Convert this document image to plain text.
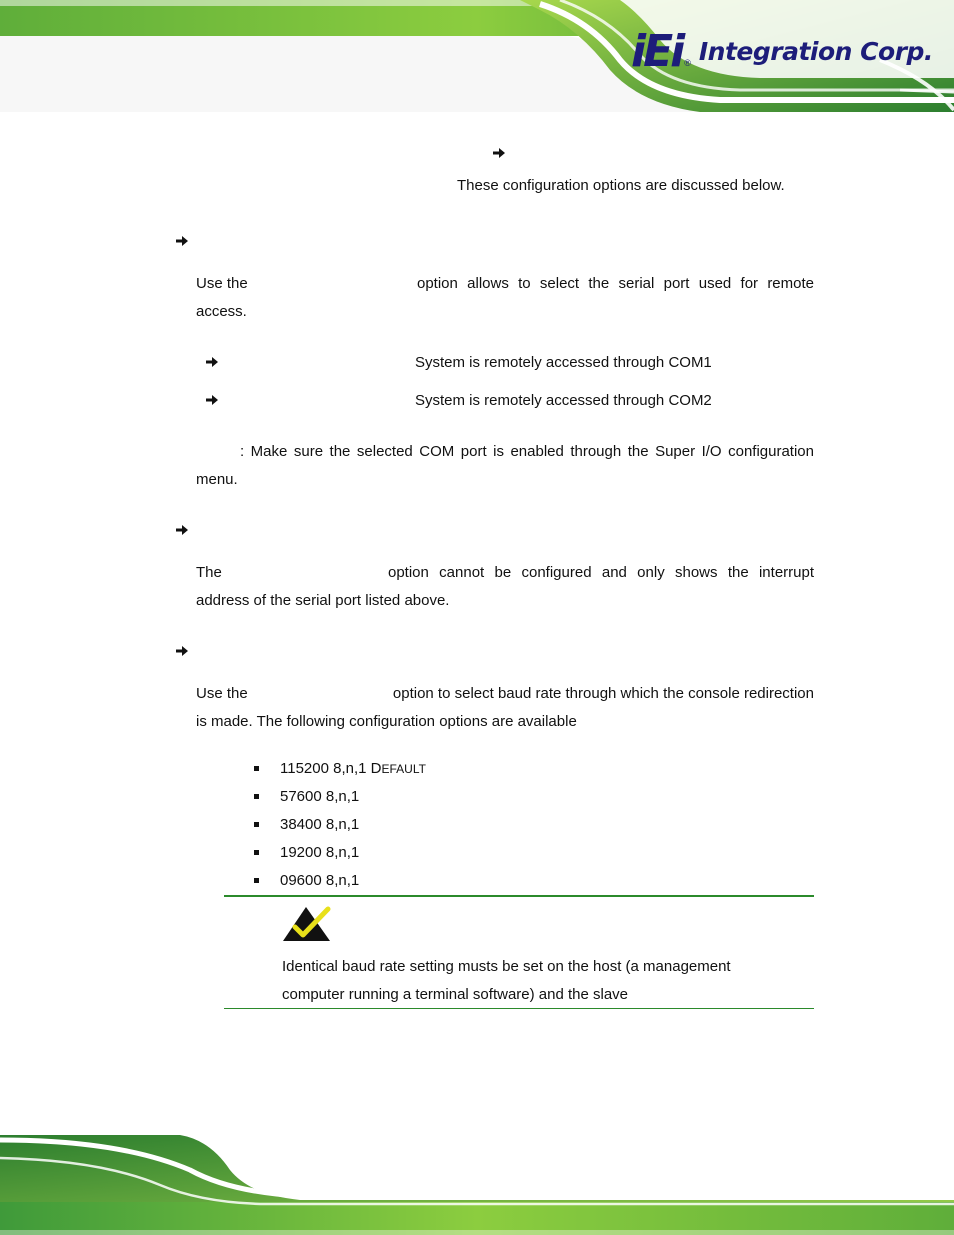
iEi ® Integration Corp.
These configuration options are discussed below.
Use the	option allows to select the serial port used for remote
access.
System is remotely accessed through COM1
System is remotely accessed through COM2
: Make sure the selected COM port is enabled through the Super I/O configuration
menu.
The	option cannot be configured and only shows the interrupt
address of the serial port listed above.
Use the	option to select baud rate through which the console redirection
is made. The following configuration options are available
115200 8,n,1 DEFAULT
57600 8,n,1
38400 8,n,1
19200 8,n,1
09600 8,n,1
Identical baud rate setting musts be set on the host (a management
computer running a terminal software) and the slave
